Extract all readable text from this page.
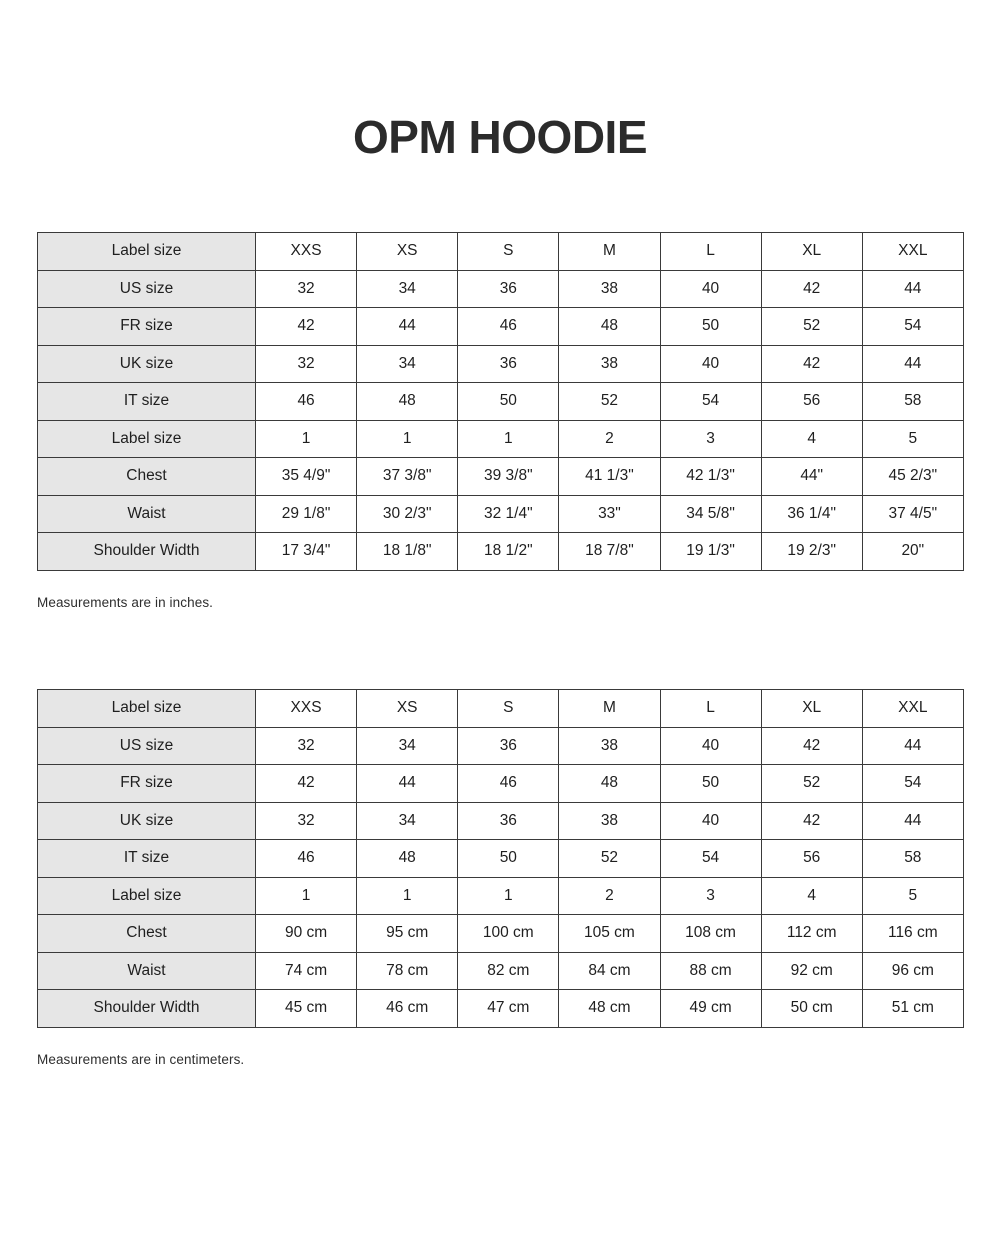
OPM HOODIE
Label size	XXS	XS	S	M	L	XL	XXL
US size	32	34	36	38	40	42	44
FR size	42	44	46	48	50	52	54
UK size	32	34	36	38	40	42	44
IT size	46	48	50	52	54	56	58
Label size	1	1	1	2	3	4	5
Chest	35 4/9"	37 3/8"	39 3/8"	41 1/3"	42 1/3"	44"	45 2/3"
Waist	29 1/8"	30 2/3"	32 1/4"	33"	34 5/8"	36 1/4"	37 4/5"
Shoulder Width	17 3/4"	18 1/8"	18 1/2"	18 7/8"	19 1/3"	19 2/3"	20"
Measurements are in inches.
Label size	XXS	XS	S	M	L	XL	XXL
US size	32	34	36	38	40	42	44
FR size	42	44	46	48	50	52	54
UK size	32	34	36	38	40	42	44
IT size	46	48	50	52	54	56	58
Label size	1	1	1	2	3	4	5
Chest	90 cm	95 cm	100 cm	105 cm	108 cm	112 cm	116 cm
Waist	74 cm	78 cm	82 cm	84 cm	88 cm	92 cm	96 cm
Shoulder Width	45 cm	46 cm	47 cm	48 cm	49 cm	50 cm	51 cm
Measurements are in centimeters.
